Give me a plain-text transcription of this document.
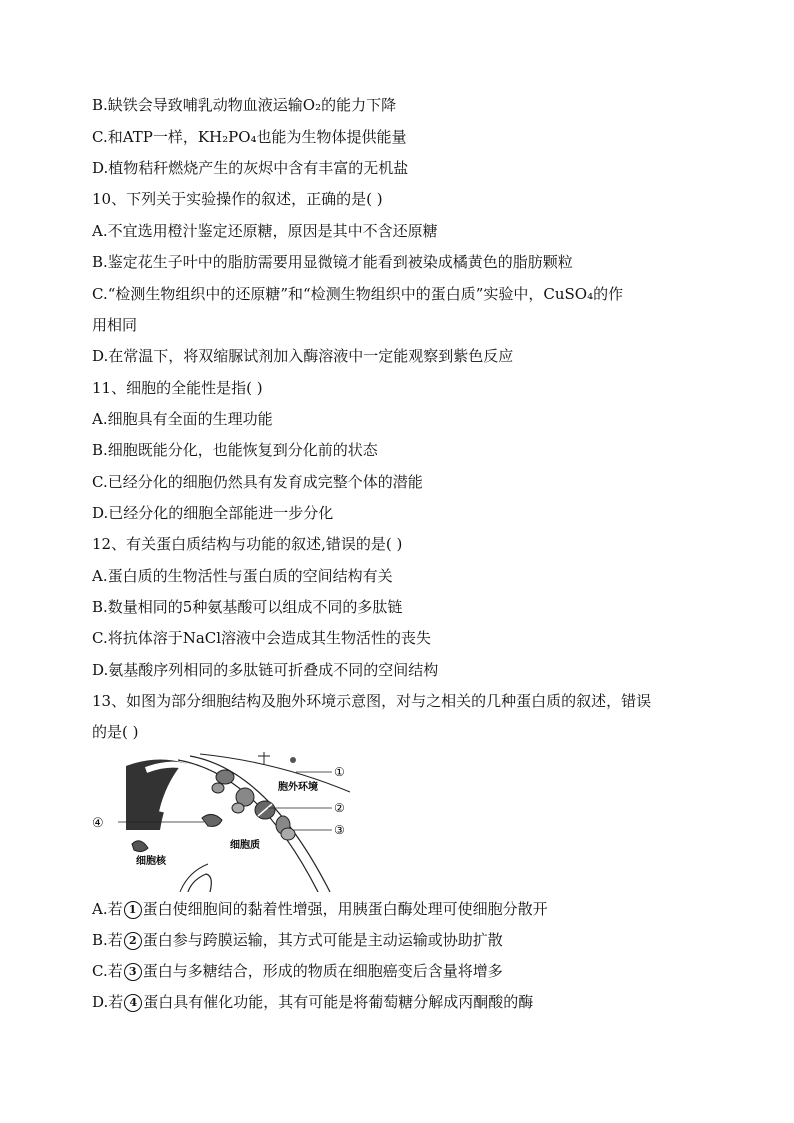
B.缺铁会导致哺乳动物血液运输O₂的能力下降
C.和ATP一样，KH₂PO₄也能为生物体提供能量
D.植物秸秆燃烧产生的灰烬中含有丰富的无机盐
10、下列关于实验操作的叙述，正确的是( )
A.不宜选用橙汁鉴定还原糖，原因是其中不含还原糖
B.鉴定花生子叶中的脂肪需要用显微镜才能看到被染成橘黄色的脂肪颗粒
C.“检测生物组织中的还原糖”和“检测生物组织中的蛋白质”实验中，CuSO₄的作
用相同
D.在常温下，将双缩脲试剂加入酶溶液中一定能观察到紫色反应
11、细胞的全能性是指( )
A.细胞具有全面的生理功能
B.细胞既能分化，也能恢复到分化前的状态
C.已经分化的细胞仍然具有发育成完整个体的潜能
D.已经分化的细胞全部能进一步分化
12、有关蛋白质结构与功能的叙述,错误的是( )
A.蛋白质的生物活性与蛋白质的空间结构有关
B.数量相同的5种氨基酸可以组成不同的多肽链
C.将抗体溶于NaCl溶液中会造成其生物活性的丧失
D.氨基酸序列相同的多肽链可折叠成不同的空间结构
13、如图为部分细胞结构及胞外环境示意图，对与之相关的几种蛋白质的叙述，错误
的是( )
①
②
③
胞外环境
细胞质
细胞核
④
A.若 1 蛋白使细胞间的黏着性增强，用胰蛋白酶处理可使细胞分散开
B.若 2 蛋白参与跨膜运输，其方式可能是主动运输或协助扩散
C.若 3 蛋白与多糖结合，形成的物质在细胞癌变后含量将增多
D.若 4 蛋白具有催化功能，其有可能是将葡萄糖分解成丙酮酸的酶
